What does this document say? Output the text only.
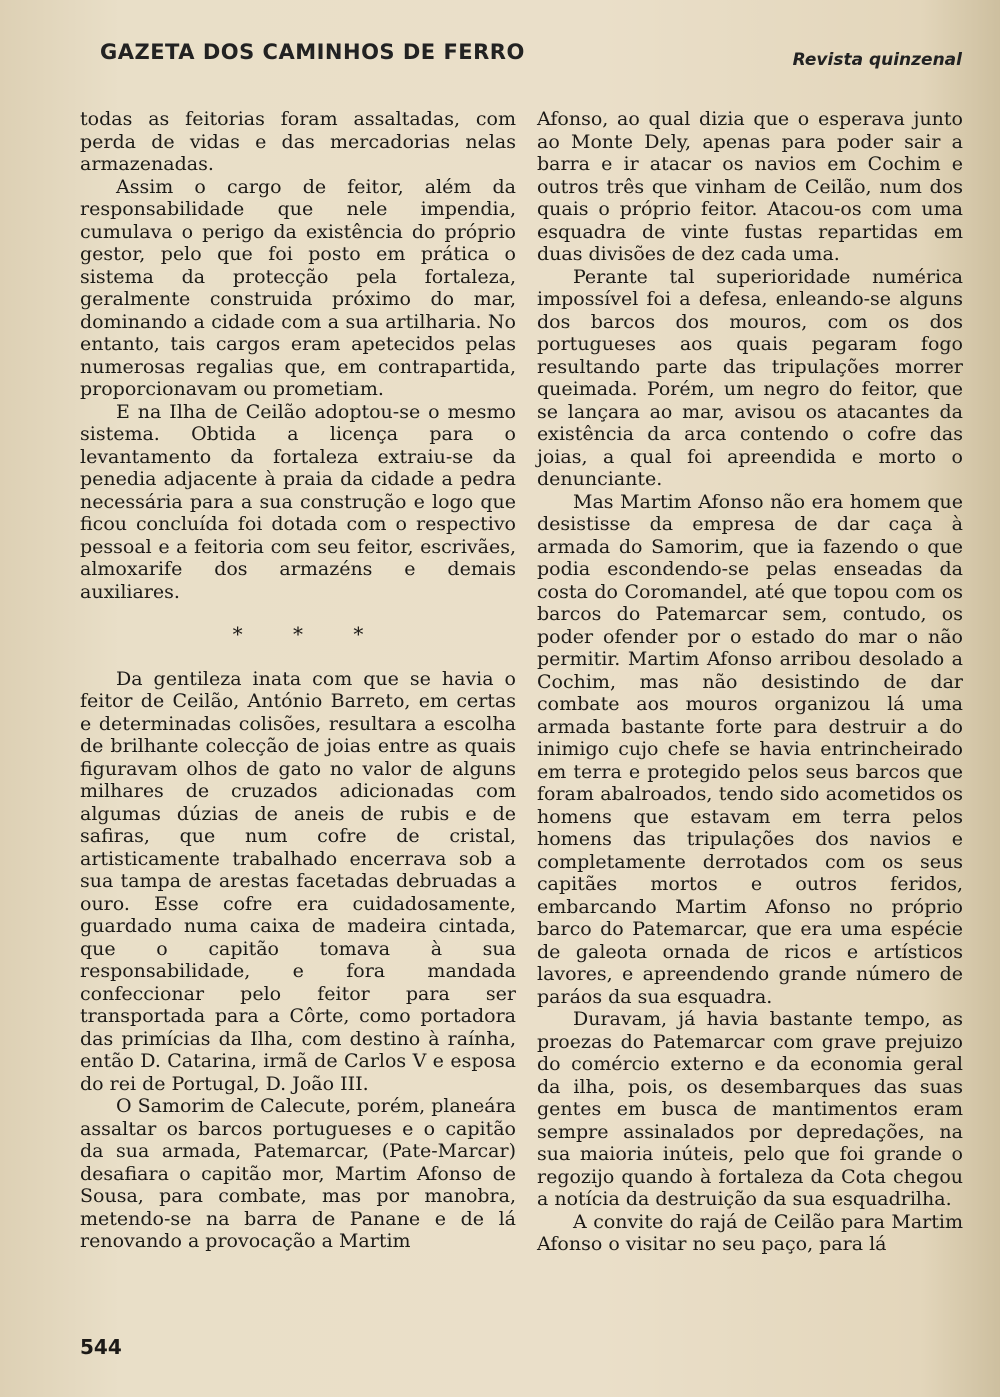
GAZETA DOS CAMINHOS DE FERRO	Revista quinzenal

todas as feitorias foram assaltadas, com perda de vidas e das mercadorias nelas armazenadas.

Assim o cargo de feitor, além da responsabilidade que nele impendia, cumulava o perigo da existência do próprio gestor, pelo que foi posto em prática o sistema da protecção pela fortaleza, geralmente construida próximo do mar, dominando a cidade com a sua artilharia. No entanto, tais cargos eram apetecidos pelas numerosas regalias que, em contrapartida, proporcionavam ou prometiam.

E na Ilha de Ceilão adoptou-se o mesmo sistema. Obtida a licença para o levantamento da fortaleza extraiu-se da penedia adjacente à praia da cidade a pedra necessária para a sua construção e logo que ficou concluída foi dotada com o respectivo pessoal e a feitoria com seu feitor, escrivães, almoxarife dos armazéns e demais auxiliares.

* * *

Da gentileza inata com que se havia o feitor de Ceilão, António Barreto, em certas e determinadas colisões, resultara a escolha de brilhante colecção de joias entre as quais figuravam olhos de gato no valor de alguns milhares de cruzados adicionadas com algumas dúzias de aneis de rubis e de safiras, que num cofre de cristal, artisticamente trabalhado encerrava sob a sua tampa de arestas facetadas debruadas a ouro. Esse cofre era cuidadosamente, guardado numa caixa de madeira cintada, que o capitão tomava à sua responsabilidade, e fora mandada confeccionar pelo feitor para ser transportada para a Côrte, como portadora das primícias da Ilha, com destino à raínha, então D. Catarina, irmã de Carlos V e esposa do rei de Portugal, D. João III.

O Samorim de Calecute, porém, planeára assaltar os barcos portugueses e o capitão da sua armada, Patemarcar, (Pate-Marcar) desafiara o capitão mor, Martim Afonso de Sousa, para combate, mas por manobra, metendo-se na barra de Panane e de lá renovando a provocação a Martim

Afonso, ao qual dizia que o esperava junto ao Monte Dely, apenas para poder sair a barra e ir atacar os navios em Cochim e outros três que vinham de Ceilão, num dos quais o próprio feitor. Atacou-os com uma esquadra de vinte fustas repartidas em duas divisões de dez cada uma.

Perante tal superioridade numérica impossível foi a defesa, enleando-se alguns dos barcos dos mouros, com os dos portugueses aos quais pegaram fogo resultando parte das tripulações morrer queimada. Porém, um negro do feitor, que se lançara ao mar, avisou os atacantes da existência da arca contendo o cofre das joias, a qual foi apreendida e morto o denunciante.

Mas Martim Afonso não era homem que desistisse da empresa de dar caça à armada do Samorim, que ia fazendo o que podia escondendo-se pelas enseadas da costa do Coromandel, até que topou com os barcos do Patemarcar sem, contudo, os poder ofender por o estado do mar o não permitir. Martim Afonso arribou desolado a Cochim, mas não desistindo de dar combate aos mouros organizou lá uma armada bastante forte para destruir a do inimigo cujo chefe se havia entrincheirado em terra e protegido pelos seus barcos que foram abalroados, tendo sido acometidos os homens que estavam em terra pelos homens das tripulações dos navios e completamente derrotados com os seus capitães mortos e outros feridos, embarcando Martim Afonso no próprio barco do Patemarcar, que era uma espécie de galeota ornada de ricos e artísticos lavores, e apreendendo grande número de paráos da sua esquadra.

Duravam, já havia bastante tempo, as proezas do Patemarcar com grave prejuizo do comércio externo e da economia geral da ilha, pois, os desembarques das suas gentes em busca de mantimentos eram sempre assinalados por depredações, na sua maioria inúteis, pelo que foi grande o regozijo quando à fortaleza da Cota chegou a notícia da destruição da sua esquadrilha.

A convite do rajá de Ceilão para Martim Afonso o visitar no seu paço, para lá

544
